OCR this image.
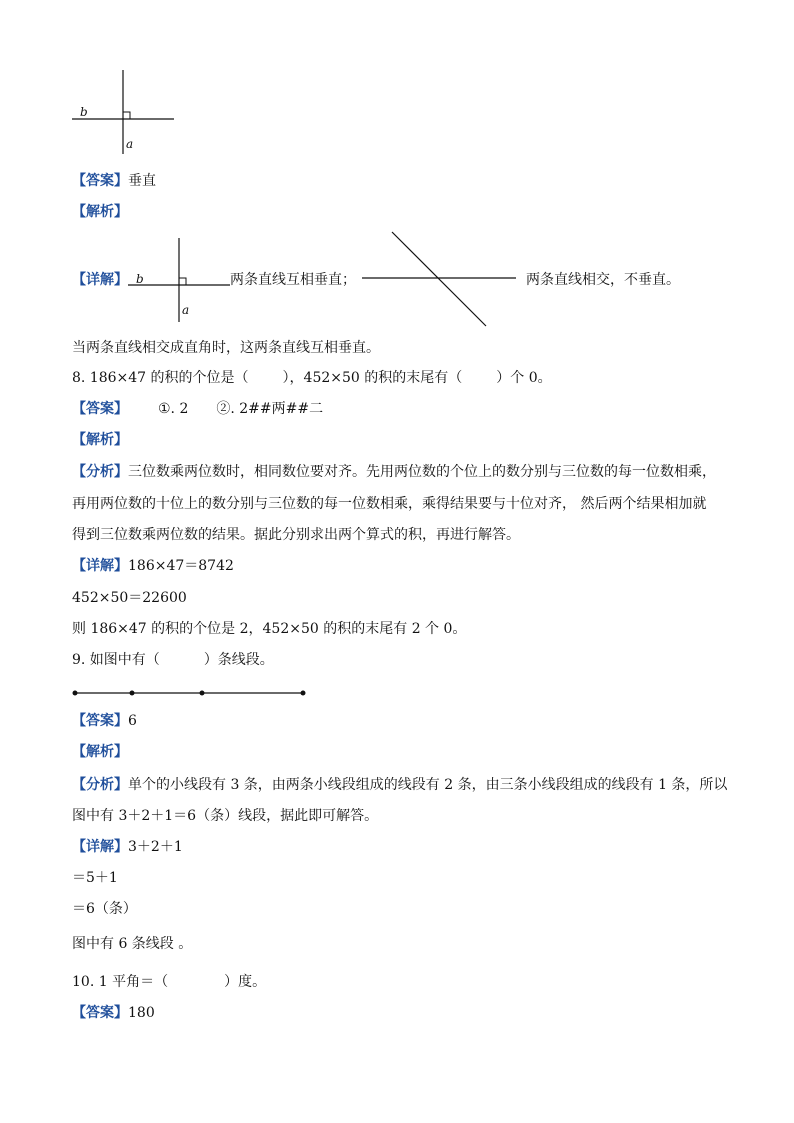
b
a
【答案】垂直
【解析】
【详解】 b
a
两条直线互相垂直；	两条直线相交，不垂直。
当两条直线相交成直角时，这两条直线互相垂直。
8. 186×47 的积的个位是（ ），452×50 的积的末尾有（ ）个 0。
【答案】 ①. 2 ②. 2##两##二
【解析】
【分析】三位数乘两位数时，相同数位要对齐。先用两位数的个位上的数分别与三位数的每一位数相乘，
再用两位数的十位上的数分别与三位数的每一位数相乘，乘得结果要与十位对齐， 然后两个结果相加就
得到三位数乘两位数的结果。据此分别求出两个算式的积，再进行解答。
【详解】186×47＝8742
452×50＝22600
则 186×47 的积的个位是 2，452×50 的积的末尾有 2 个 0。
9. 如图中有（	）条线段。
【答案】6
【解析】
【分析】单个的小线段有 3 条，由两条小线段组成的线段有 2 条，由三条小线段组成的线段有 1 条，所以
图中有 3＋2＋1＝6（条）线段，据此即可解答。
【详解】3＋2＋1
＝5＋1
＝6（条）
图中有 6 条线段 。
10. 1 平角＝（	）度。
【答案】180
